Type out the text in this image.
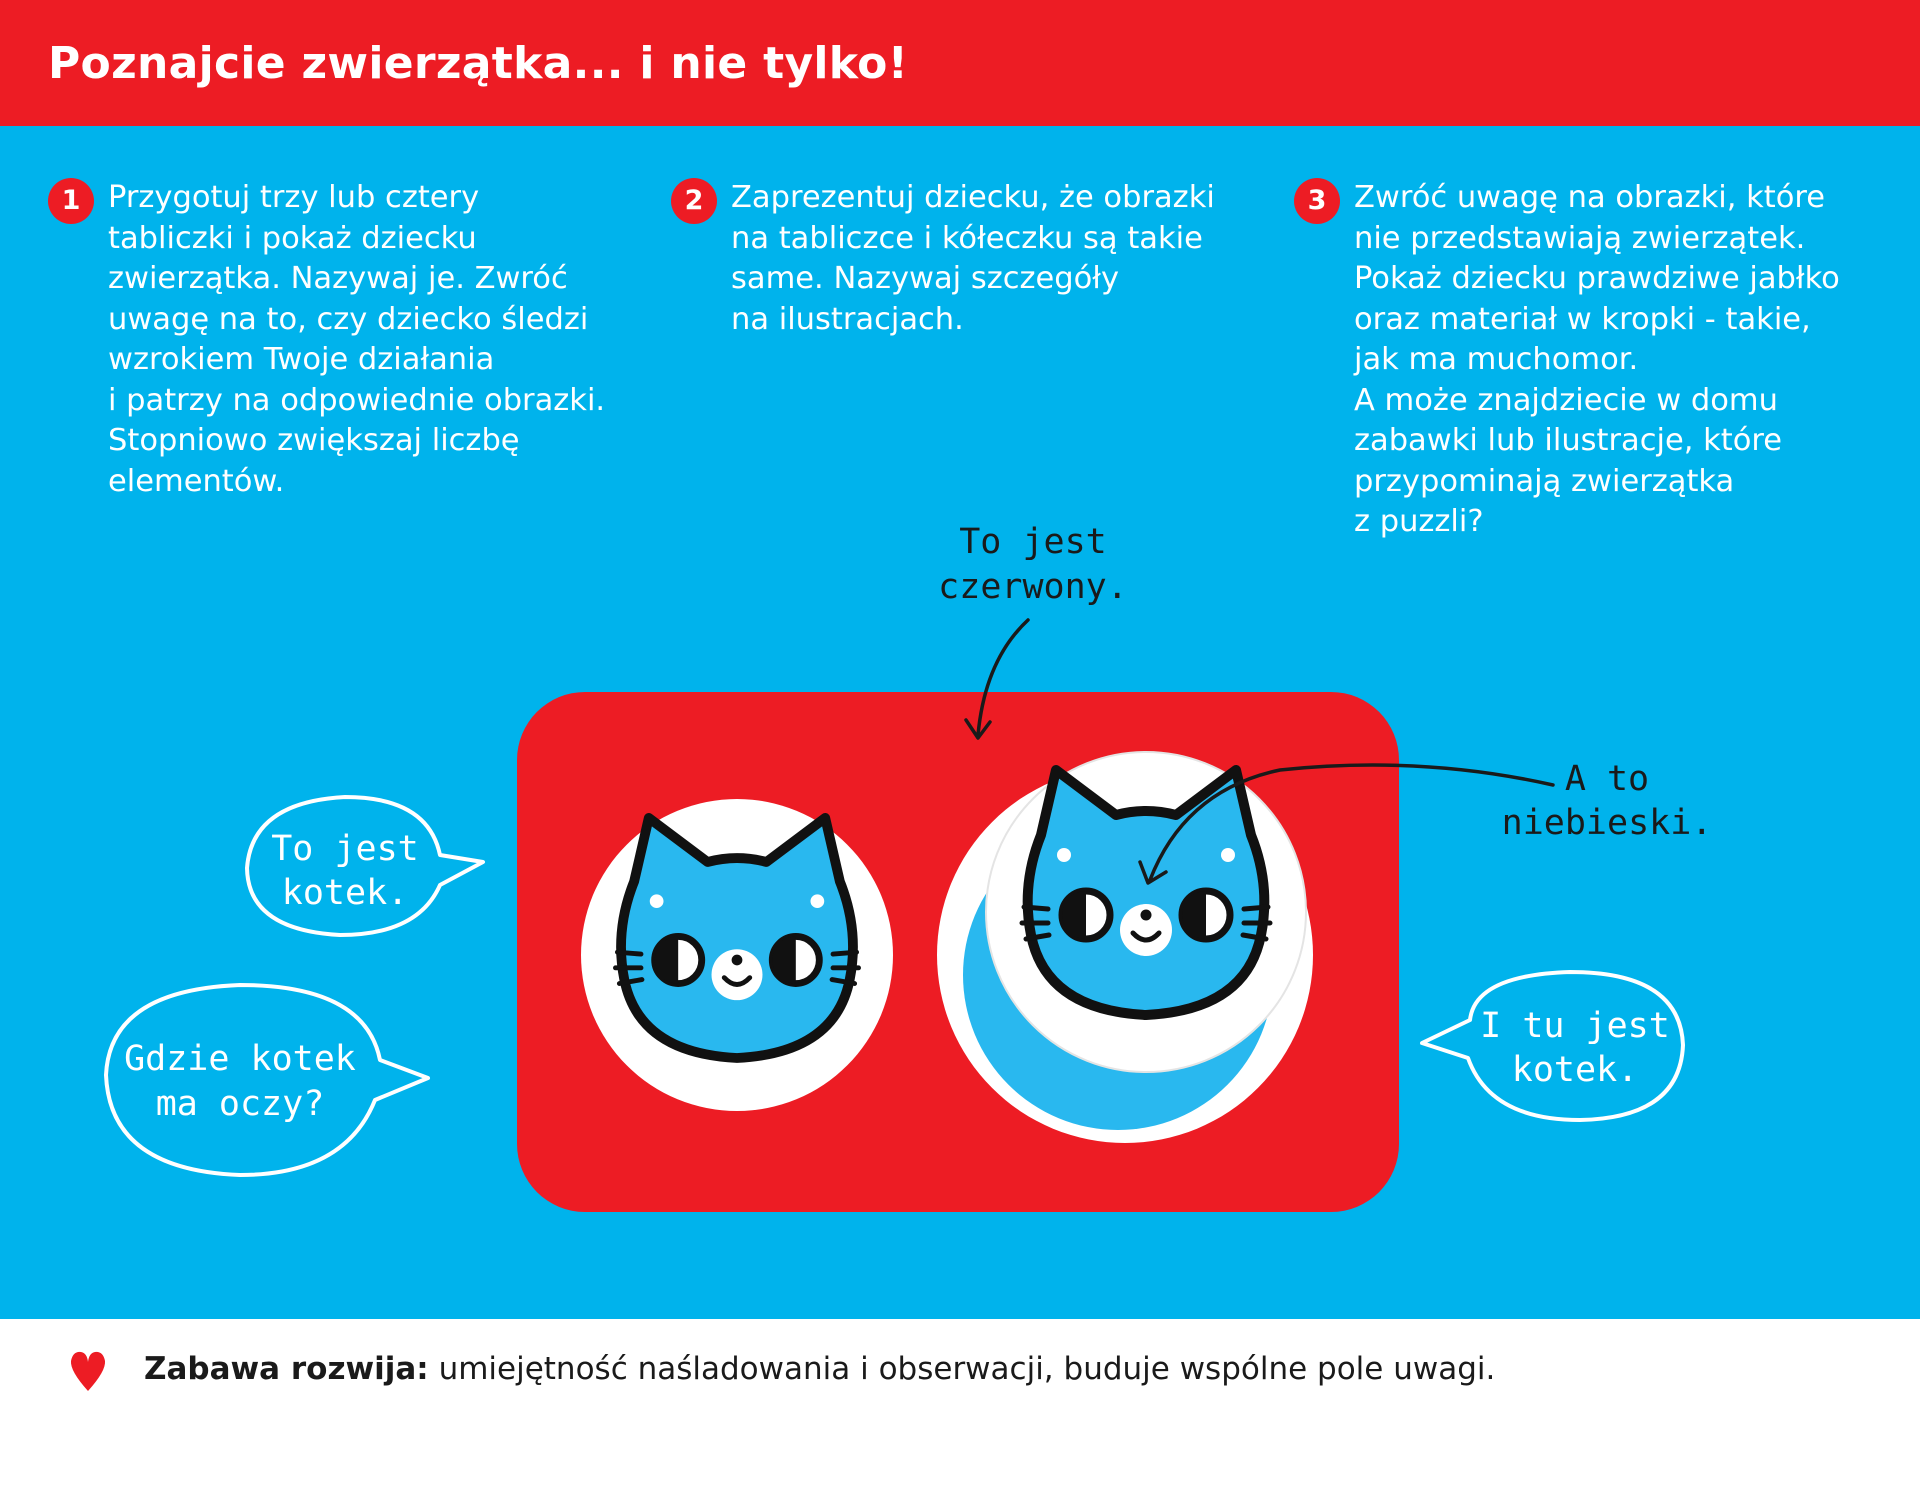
Poznajcie zwierzątka... i nie tylko!
1 Przygotuj trzy lub cztery
tabliczki i pokaż dziecku
zwierzątka. Nazywaj je. Zwróć
uwagę na to, czy dziecko śledzi
wzrokiem Twoje działania
i patrzy na odpowiednie obrazki.
Stopniowo zwiększaj liczbę
elementów.

2 Zaprezentuj dziecku, że obrazki
na tabliczce i kółeczku są takie
same. Nazywaj szczegóły
na ilustracjach.

3 Zwróć uwagę na obrazki, które
nie przedstawiają zwierzątek.
Pokaż dziecku prawdziwe jabłko
oraz materiał w kropki - takie,
jak ma muchomor.
A może znajdziecie w domu
zabawki lub ilustracje, które
przypominają zwierzątka
z puzzli?

To jest
czerwony.
A to
niebieski.
To jest
kotek.
Gdzie kotek
ma oczy?
I tu jest
kotek.

Zabawa rozwija: umiejętność naśladowania i obserwacji, buduje wspólne pole uwagi.
